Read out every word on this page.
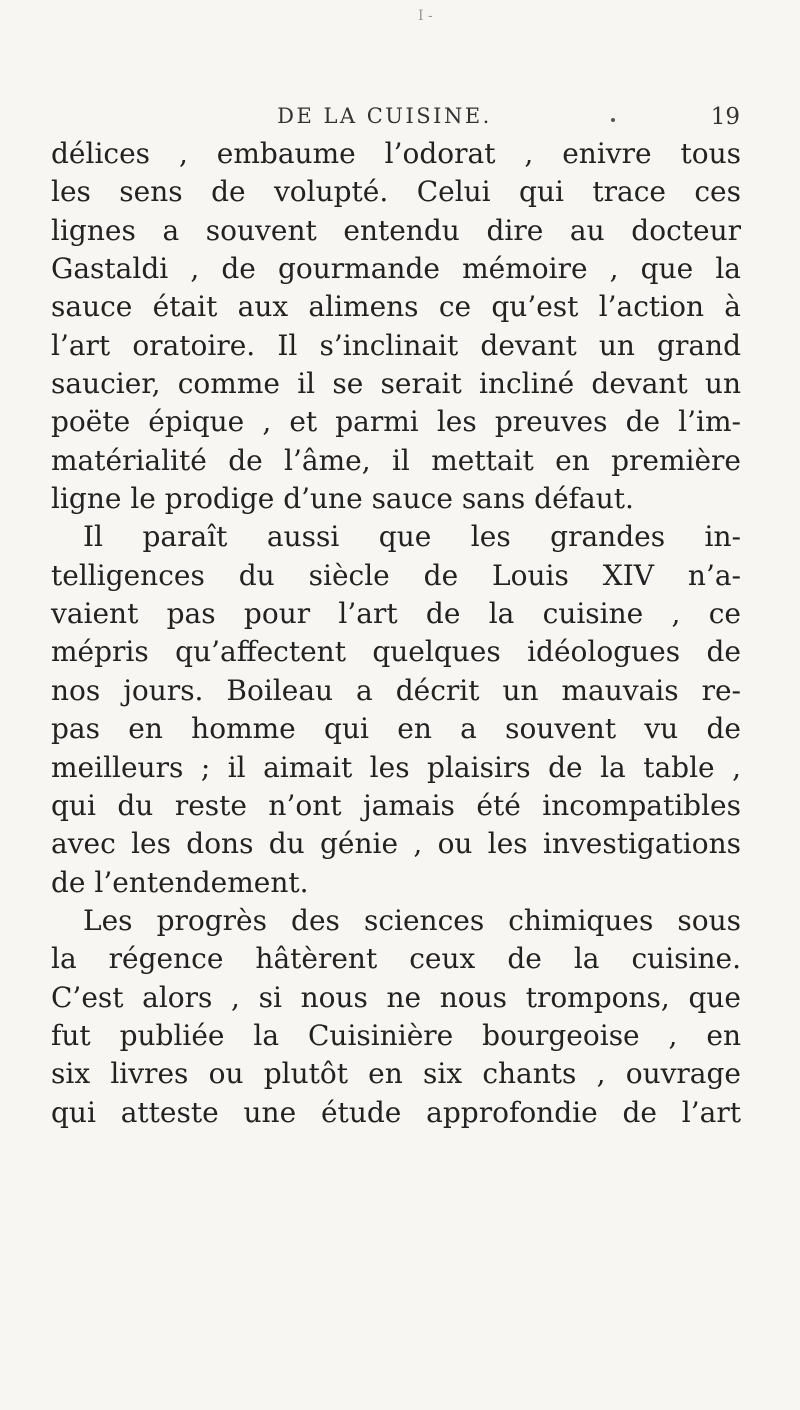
I -
DE LA CUISINE.	19
délices , embaume l’odorat , enivre tous
les sens de volupté. Celui qui trace ces
lignes a souvent entendu dire au docteur
Gastaldi , de gourmande mémoire , que la
sauce était aux alimens ce qu’est l’action à
l’art oratoire. Il s’inclinait devant un grand
saucier, comme il se serait incliné devant un
poëte épique , et parmi les preuves de l’im-
matérialité de l’âme, il mettait en première
ligne le prodige d’une sauce sans défaut.
Il paraît aussi que les grandes in-
telligences du siècle de Louis XIV n’a-
vaient pas pour l’art de la cuisine , ce
mépris qu’affectent quelques idéologues de
nos jours. Boileau a décrit un mauvais re-
pas en homme qui en a souvent vu de
meilleurs ; il aimait les plaisirs de la table ,
qui du reste n’ont jamais été incompatibles
avec les dons du génie , ou les investigations
de l’entendement.
Les progrès des sciences chimiques sous
la régence hâtèrent ceux de la cuisine.
C’est alors , si nous ne nous trompons, que
fut publiée la Cuisinière bourgeoise , en
six livres ou plutôt en six chants , ouvrage
qui atteste une étude approfondie de l’art
